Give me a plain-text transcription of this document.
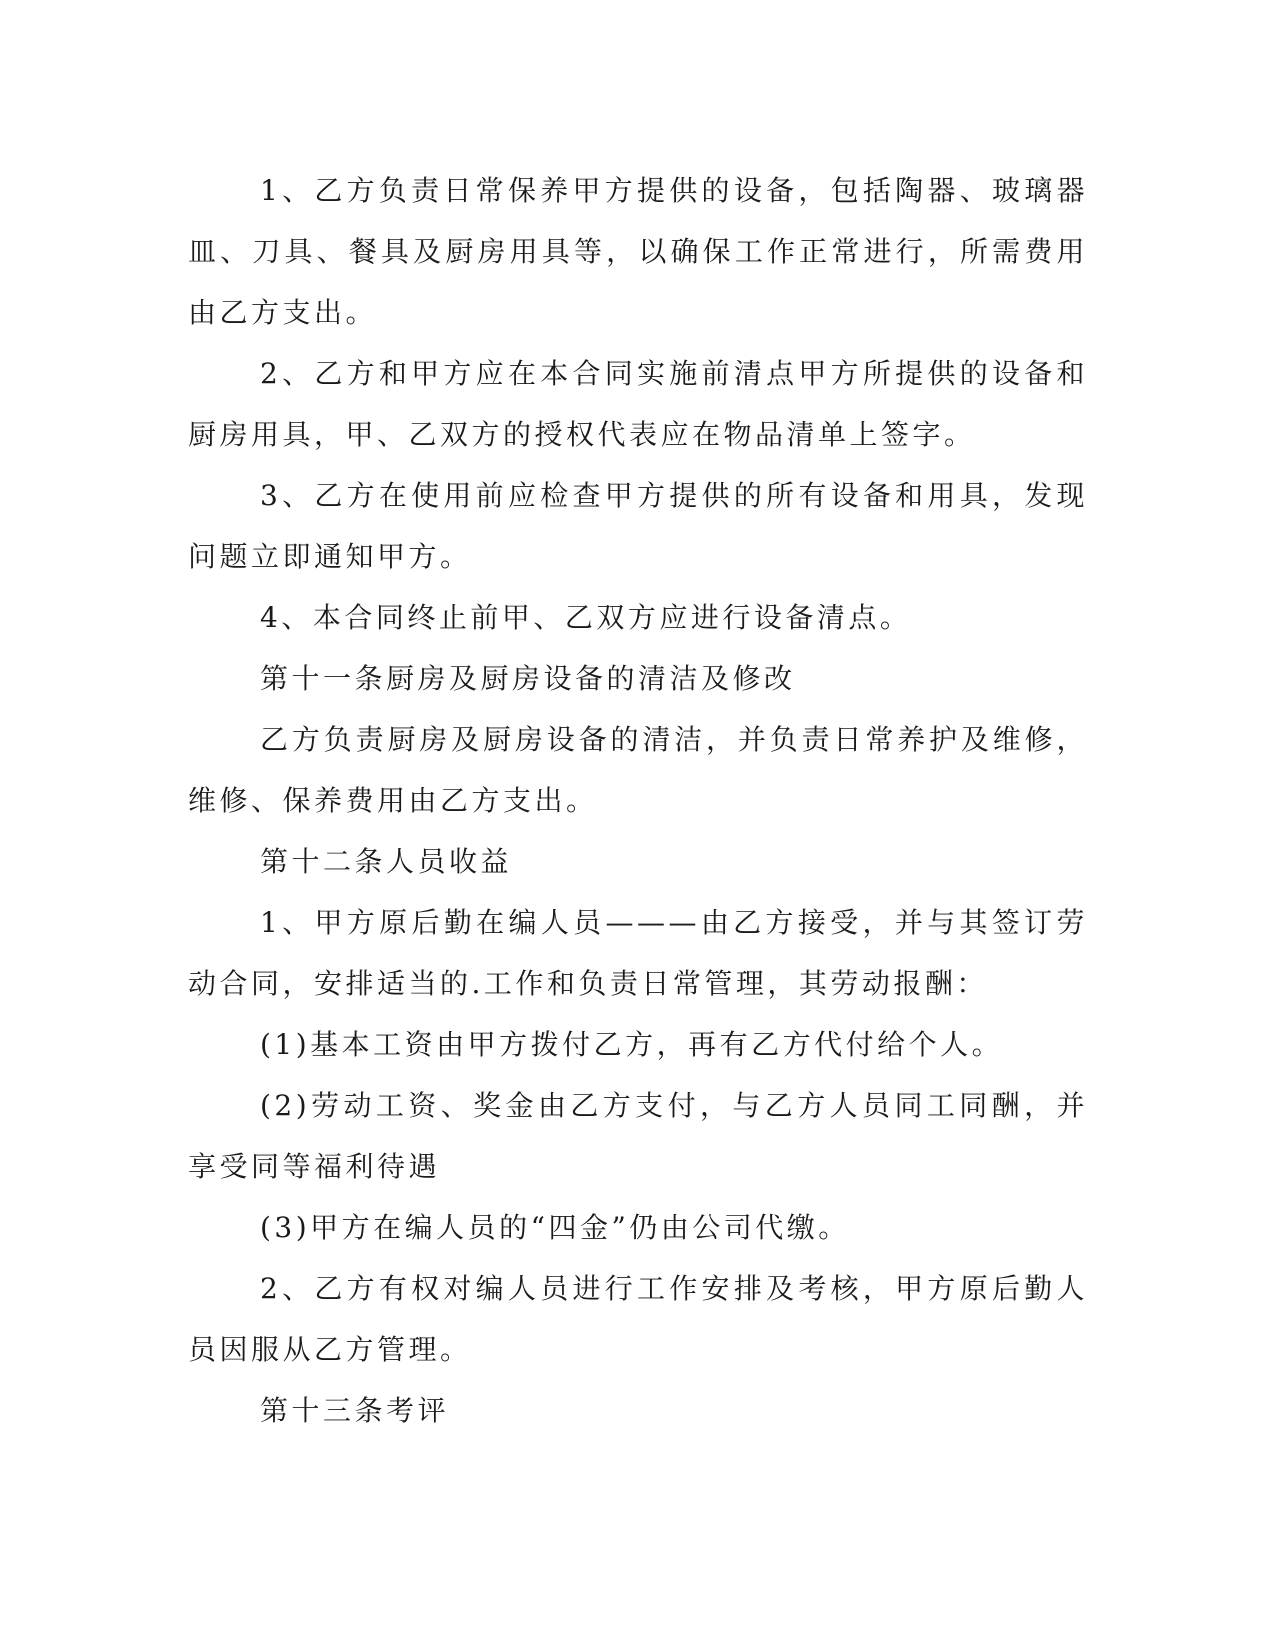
1、乙方负责日常保养甲方提供的设备，包括陶器、玻璃器皿、刀具、餐具及厨房用具等，以确保工作正常进行，所需费用由乙方支出。

2、乙方和甲方应在本合同实施前清点甲方所提供的设备和厨房用具，甲、乙双方的授权代表应在物品清单上签字。

3、乙方在使用前应检查甲方提供的所有设备和用具，发现问题立即通知甲方。

4、本合同终止前甲、乙双方应进行设备清点。

第十一条厨房及厨房设备的清洁及修改

乙方负责厨房及厨房设备的清洁，并负责日常养护及维修，维修、保养费用由乙方支出。

第十二条人员收益

1、甲方原后勤在编人员———由乙方接受，并与其签订劳动合同，安排适当的.工作和负责日常管理，其劳动报酬：

(1)基本工资由甲方拨付乙方，再有乙方代付给个人。

(2)劳动工资、奖金由乙方支付，与乙方人员同工同酬，并享受同等福利待遇

(3)甲方在编人员的“四金”仍由公司代缴。

2、乙方有权对编人员进行工作安排及考核，甲方原后勤人员因服从乙方管理。

第十三条考评
